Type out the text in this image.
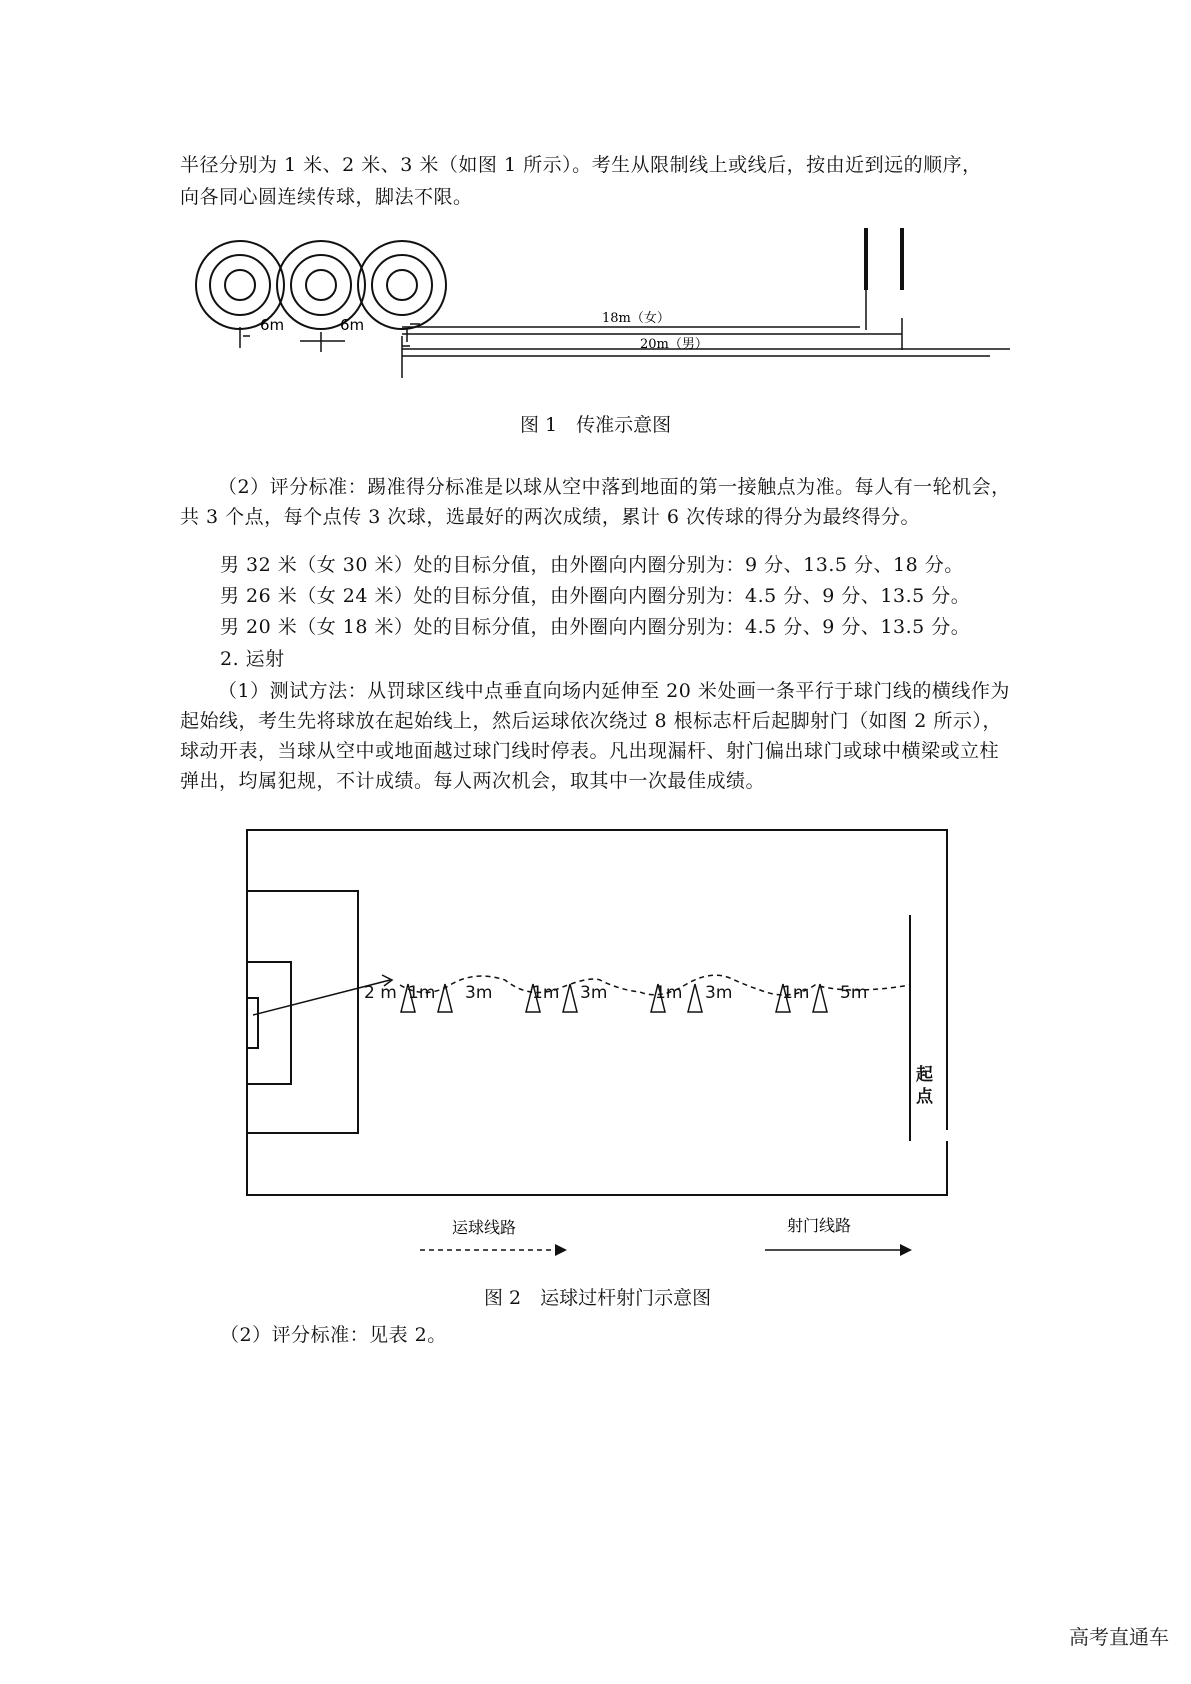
半径分别为 1 米、2 米、3 米（如图 1 所示）。考生从限制线上或线后，按由近到远的顺序，
向各同心圆连续传球，脚法不限。
6m	6m	18m（女）
20m（男）
图 1　传准示意图
（2）评分标准：踢准得分标准是以球从空中落到地面的第一接触点为准。每人有一轮机会，共 3 个点，每个点传 3 次球，选最好的两次成绩，累计 6 次传球的得分为最终得分。
男 32 米（女 30 米）处的目标分值，由外圈向内圈分别为：9 分、13.5 分、18 分。
男 26 米（女 24 米）处的目标分值，由外圈向内圈分别为：4.5 分、9 分、13.5 分。
男 20 米（女 18 米）处的目标分值，由外圈向内圈分别为：4.5 分、9 分、13.5 分。
2. 运射
（1）测试方法：从罚球区线中点垂直向场内延伸至 20 米处画一条平行于球门线的横线作为起始线，考生先将球放在起始线上，然后运球依次绕过 8 根标志杆后起脚射门（如图 2 所示），球动开表，当球从空中或地面越过球门线时停表。凡出现漏杆、射门偏出球门或球中横梁或立柱弹出，均属犯规，不计成绩。每人两次机会，取其中一次最佳成绩。
2 m 1m 3m 1m 3m	1m 3m	1m 5m
起点
运球线路	射门线路
图 2　运球过杆射门示意图
（2）评分标准：见表 2。
高考直通车
